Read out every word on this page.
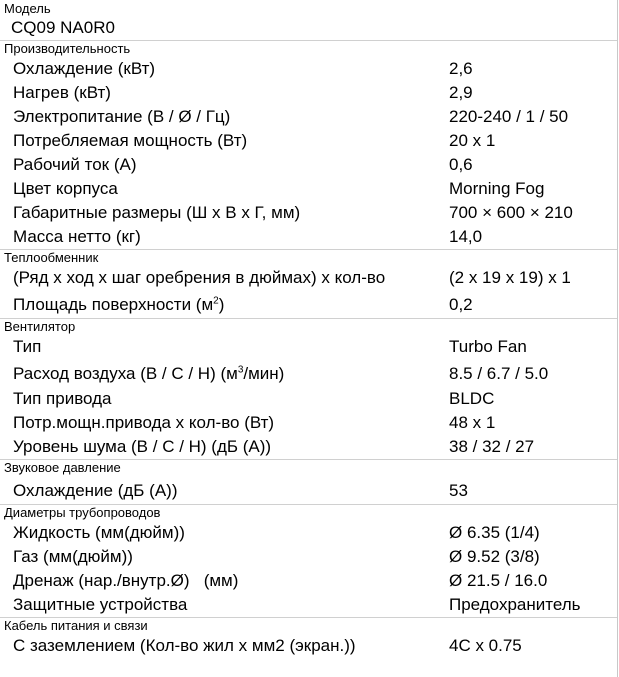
Модель
CQ09 NA0R0
Производительность
Охлаждение (кВт)	2,6
Нагрев (кВт)	2,9
Электропитание (В / Ø / Гц)	220-240 / 1 / 50
Потребляемая мощность (Вт)	20 х 1
Рабочий ток (А)	0,6
Цвет корпуса	Morning Fog
Габаритные размеры (Ш х В х Г, мм)	700 × 600 × 210
Масса нетто (кг)	14,0
Теплообменник
(Ряд х ход х шаг оребрения в дюймах) х кол-во	(2 x 19 x 19) x 1
Площадь поверхности $(м^2)$	0,2
Вентилятор
Тип	Turbo Fan
Расход воздуха (В / С / Н) $(м^3/мин)$	8.5 / 6.7 / 5.0
Тип привода	BLDC
Потр.мощн.привода х кол-во (Вт)	48 х 1
Уровень шума (В / С / Н) (дБ (А))	38 / 32 / 27
Звуковое давление
Охлаждение (дБ (А))	53
Диаметры трубопроводов
Жидкость (мм(дюйм))	Ø 6.35 (1/4)
Газ (мм(дюйм))	Ø 9.52 (3/8)
Дренаж (нар./внутр.Ø)   (мм)	Ø 21.5 / 16.0
Защитные устройства	Предохранитель
Кабель питания и связи
С заземлением (Кол-во жил х мм2 (экран.))	4C x 0.75
